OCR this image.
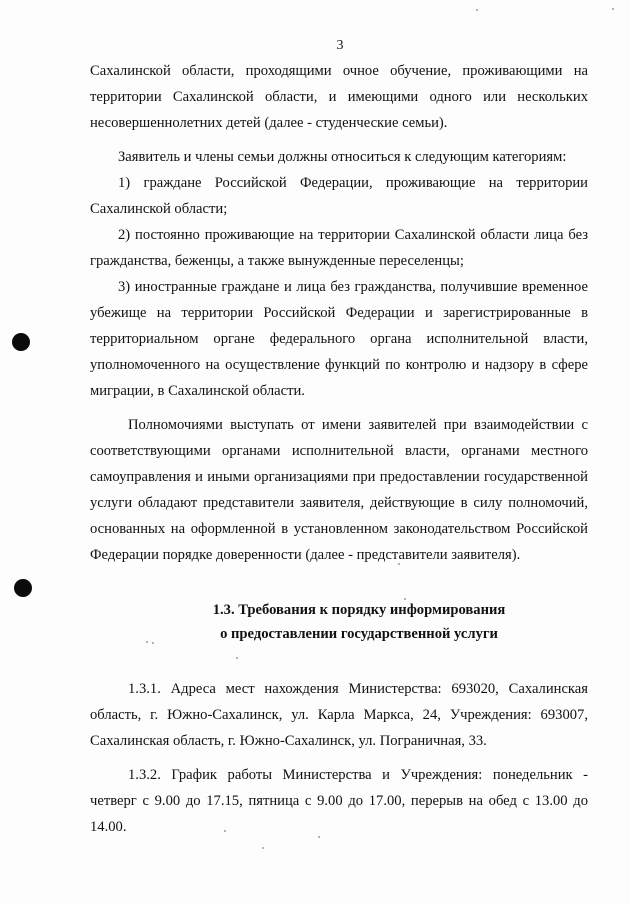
3

Сахалинской области, проходящими очное обучение, проживающими на территории Сахалинской области, и имеющими одного или нескольких несовершеннолетних детей (далее - студенческие семьи).

Заявитель и члены семьи должны относиться к следующим категориям:

1) граждане Российской Федерации, проживающие на территории Сахалинской области;

2) постоянно проживающие на территории Сахалинской области лица без гражданства, беженцы, а также вынужденные переселенцы;

3) иностранные граждане и лица без гражданства, получившие временное убежище на территории Российской Федерации и зарегистрированные в территориальном органе федерального органа исполнительной власти, уполномоченного на осуществление функций по контролю и надзору в сфере миграции, в Сахалинской области.

Полномочиями выступать от имени заявителей при взаимодействии с соответствующими органами исполнительной власти, органами местного самоуправления и иными организациями при предоставлении государственной услуги обладают представители заявителя, действующие в силу полномочий, основанных на оформленной в установленном законодательством Российской Федерации порядке доверенности (далее - представители заявителя).

1.3. Требования к порядку информирования

о предоставлении государственной услуги

1.3.1. Адреса мест нахождения Министерства: 693020, Сахалинская область, г. Южно-Сахалинск, ул. Карла Маркса, 24, Учреждения: 693007, Сахалинская область, г. Южно-Сахалинск, ул. Пограничная, 33.

1.3.2. График работы Министерства и Учреждения: понедельник - четверг с 9.00 до 17.15, пятница с 9.00 до 17.00, перерыв на обед с 13.00 до 14.00.
